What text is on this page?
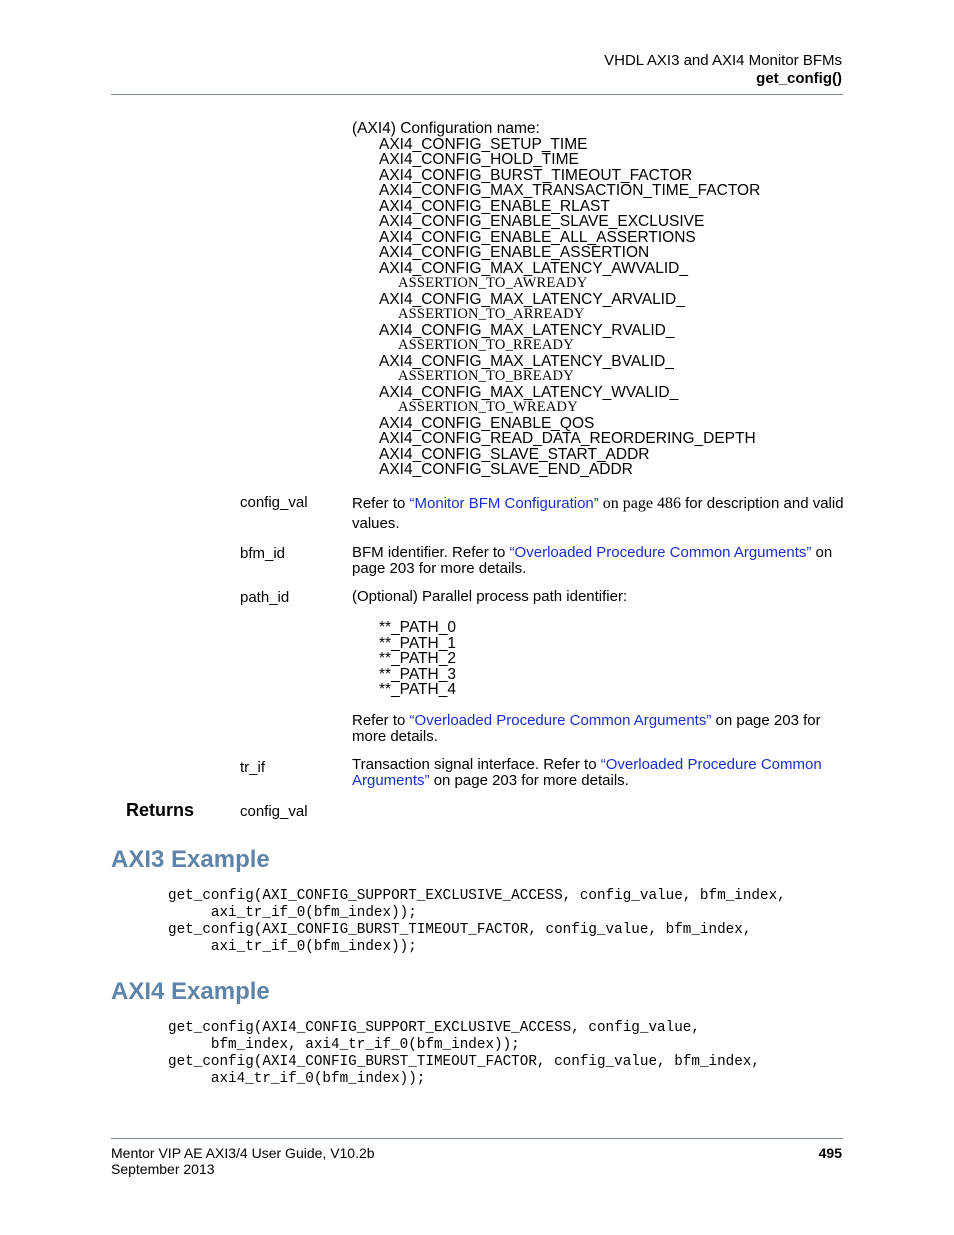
VHDL AXI3 and AXI4 Monitor BFMs
get_config()
(AXI4) Configuration name:
AXI4_CONFIG_SETUP_TIME
AXI4_CONFIG_HOLD_TIME
AXI4_CONFIG_BURST_TIMEOUT_FACTOR
AXI4_CONFIG_MAX_TRANSACTION_TIME_FACTOR
AXI4_CONFIG_ENABLE_RLAST
AXI4_CONFIG_ENABLE_SLAVE_EXCLUSIVE
AXI4_CONFIG_ENABLE_ALL_ASSERTIONS
AXI4_CONFIG_ENABLE_ASSERTION
AXI4_CONFIG_MAX_LATENCY_AWVALID_
ASSERTION_TO_AWREADY
AXI4_CONFIG_MAX_LATENCY_ARVALID_
ASSERTION_TO_ARREADY
AXI4_CONFIG_MAX_LATENCY_RVALID_
ASSERTION_TO_RREADY
AXI4_CONFIG_MAX_LATENCY_BVALID_
ASSERTION_TO_BREADY
AXI4_CONFIG_MAX_LATENCY_WVALID_
ASSERTION_TO_WREADY
AXI4_CONFIG_ENABLE_QOS
AXI4_CONFIG_READ_DATA_REORDERING_DEPTH
AXI4_CONFIG_SLAVE_START_ADDR
AXI4_CONFIG_SLAVE_END_ADDR
config_val	Refer to “Monitor BFM Configuration” on page 486 for description and valid values.
bfm_id	BFM identifier. Refer to “Overloaded Procedure Common Arguments” on page 203 for more details.
path_id	(Optional) Parallel process path identifier:
**_PATH_0
**_PATH_1
**_PATH_2
**_PATH_3
**_PATH_4
Refer to “Overloaded Procedure Common Arguments” on page 203 for more details.
tr_if	Transaction signal interface. Refer to “Overloaded Procedure Common Arguments” on page 203 for more details.
Returns	config_val
AXI3 Example
get_config(AXI_CONFIG_SUPPORT_EXCLUSIVE_ACCESS, config_value, bfm_index,
axi_tr_if_0(bfm_index));
get_config(AXI_CONFIG_BURST_TIMEOUT_FACTOR, config_value, bfm_index,
axi_tr_if_0(bfm_index));
AXI4 Example
get_config(AXI4_CONFIG_SUPPORT_EXCLUSIVE_ACCESS, config_value,
bfm_index, axi4_tr_if_0(bfm_index));
get_config(AXI4_CONFIG_BURST_TIMEOUT_FACTOR, config_value, bfm_index,
axi4_tr_if_0(bfm_index));
Mentor VIP AE AXI3/4 User Guide, V10.2b
September 2013
495
